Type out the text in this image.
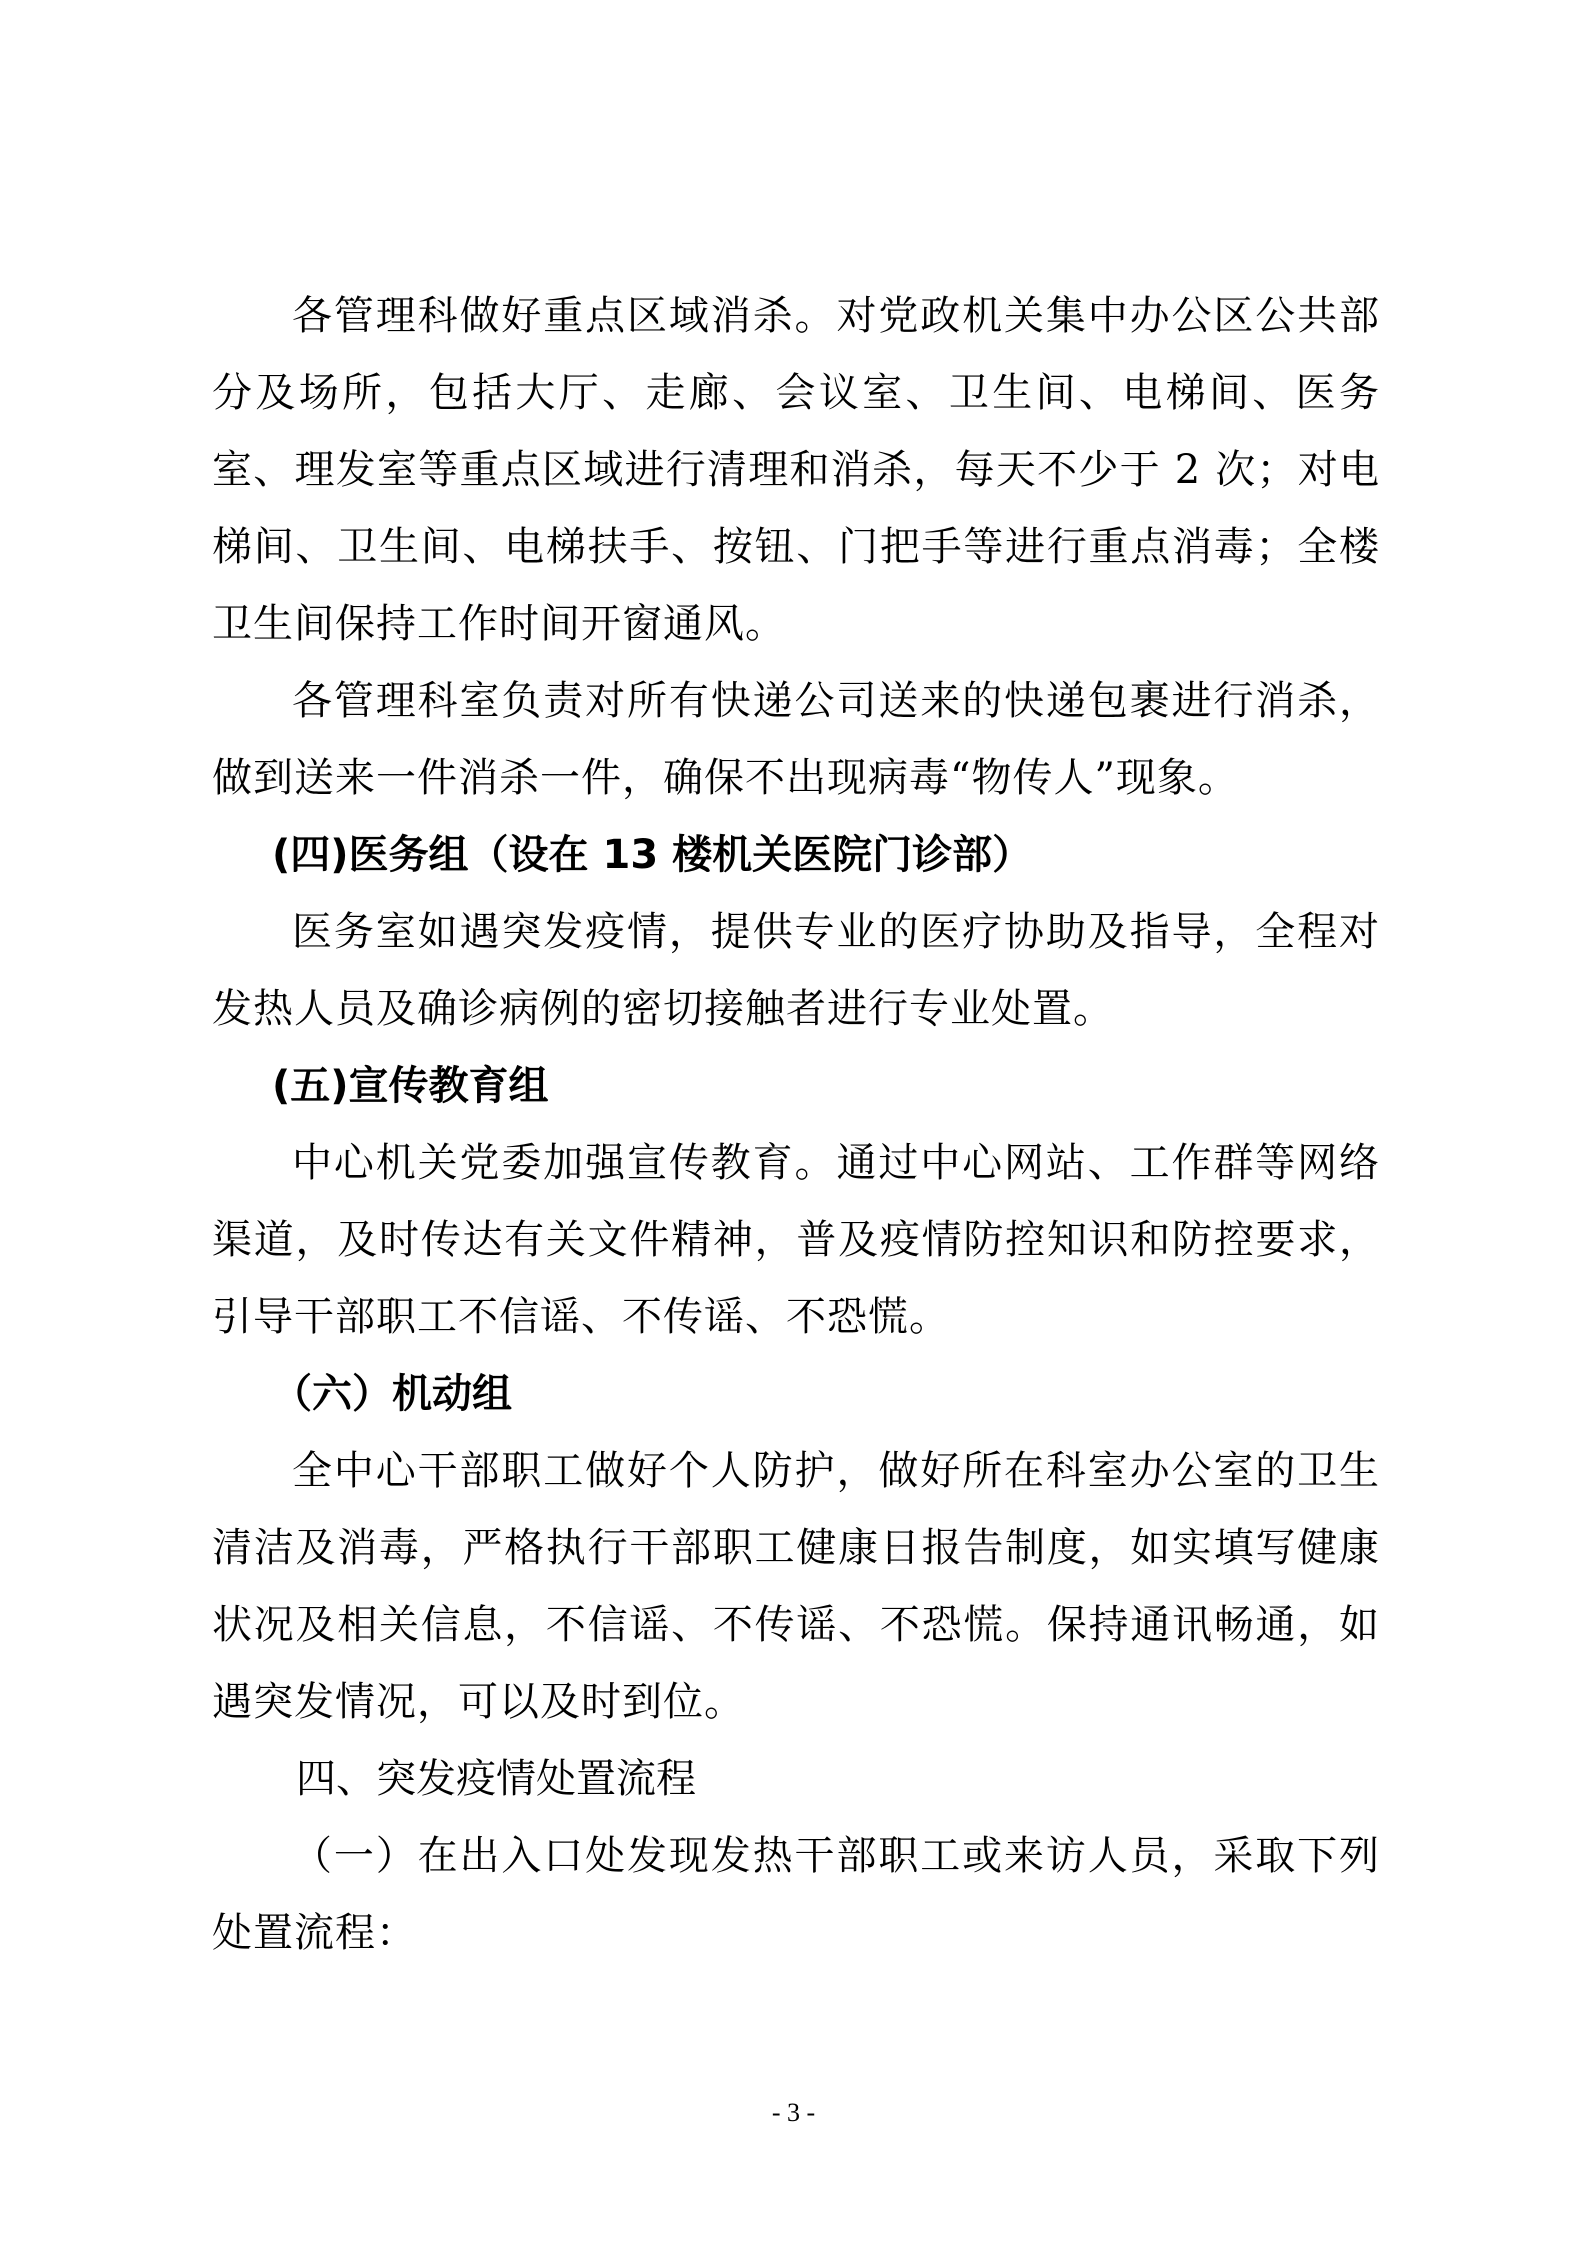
各管理科做好重点区域消杀。对党政机关集中办公区公共部分及场所，包括大厅、走廊、会议室、卫生间、电梯间、医务室、理发室等重点区域进行清理和消杀，每天不少于 2 次；对电梯间、卫生间、电梯扶手、按钮、门把手等进行重点消毒；全楼卫生间保持工作时间开窗通风。

各管理科室负责对所有快递公司送来的快递包裹进行消杀，做到送来一件消杀一件，确保不出现病毒“物传人”现象。

(四)医务组（设在 13 楼机关医院门诊部）

医务室如遇突发疫情，提供专业的医疗协助及指导，全程对发热人员及确诊病例的密切接触者进行专业处置。

(五)宣传教育组

中心机关党委加强宣传教育。通过中心网站、工作群等网络渠道，及时传达有关文件精神，普及疫情防控知识和防控要求，引导干部职工不信谣、不传谣、不恐慌。

（六）机动组

全中心干部职工做好个人防护，做好所在科室办公室的卫生清洁及消毒，严格执行干部职工健康日报告制度，如实填写健康状况及相关信息，不信谣、不传谣、不恐慌。保持通讯畅通，如遇突发情况，可以及时到位。

四、突发疫情处置流程

（一）在出入口处发现发热干部职工或来访人员，采取下列处置流程：

- 3 -
